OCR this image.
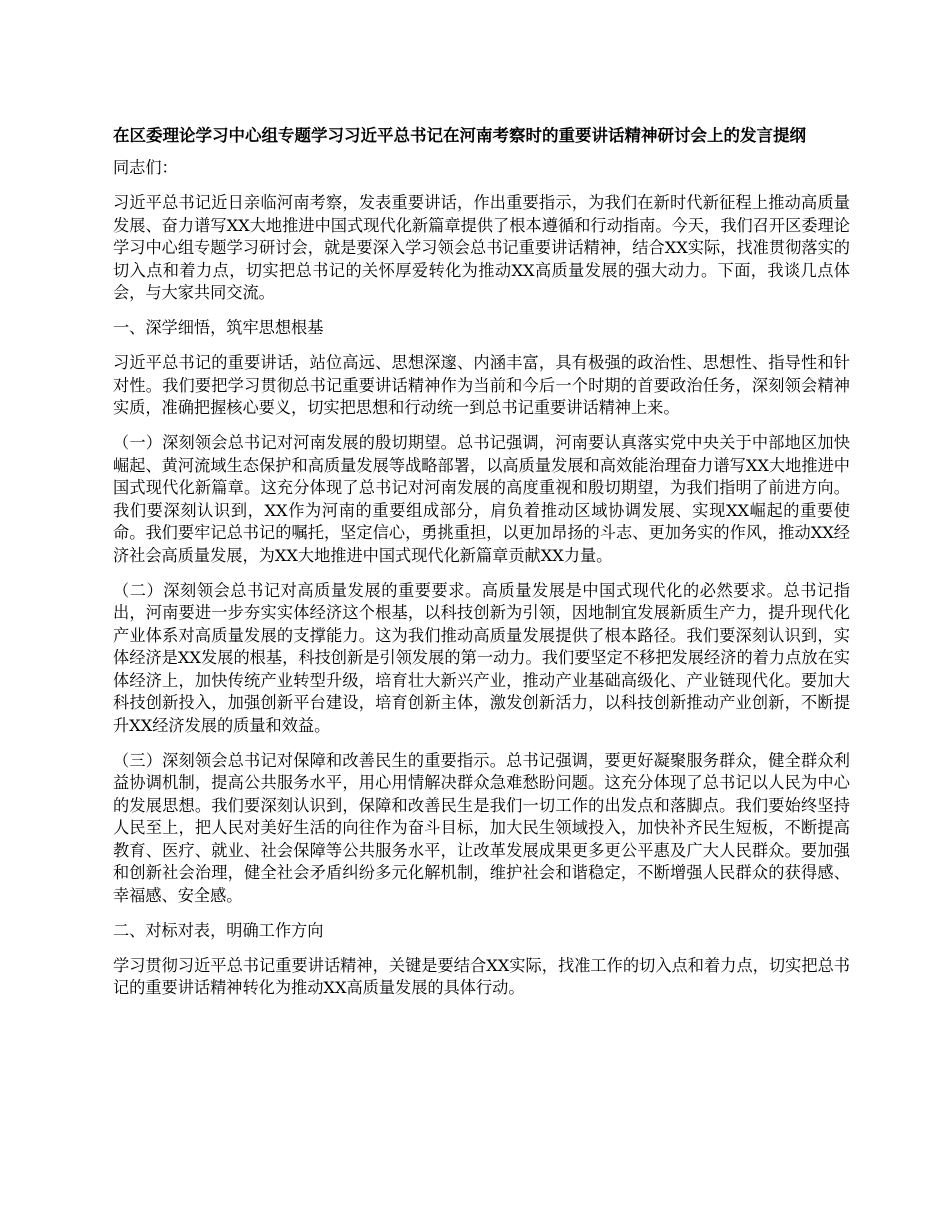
在区委理论学习中心组专题学习习近平总书记在河南考察时的重要讲话精神研讨会上的发言提纲
同志们：
习近平总书记近日亲临河南考察，发表重要讲话，作出重要指示，为我们在新时代新征程上推动高质量发展、奋力谱写XX大地推进中国式现代化新篇章提供了根本遵循和行动指南。今天，我们召开区委理论学习中心组专题学习研讨会，就是要深入学习领会总书记重要讲话精神，结合XX实际，找准贯彻落实的切入点和着力点，切实把总书记的关怀厚爱转化为推动XX高质量发展的强大动力。下面，我谈几点体会，与大家共同交流。
一、深学细悟，筑牢思想根基
习近平总书记的重要讲话，站位高远、思想深邃、内涵丰富，具有极强的政治性、思想性、指导性和针对性。我们要把学习贯彻总书记重要讲话精神作为当前和今后一个时期的首要政治任务，深刻领会精神实质，准确把握核心要义，切实把思想和行动统一到总书记重要讲话精神上来。
（一）深刻领会总书记对河南发展的殷切期望。总书记强调，河南要认真落实党中央关于中部地区加快崛起、黄河流域生态保护和高质量发展等战略部署，以高质量发展和高效能治理奋力谱写XX大地推进中国式现代化新篇章。这充分体现了总书记对河南发展的高度重视和殷切期望，为我们指明了前进方向。我们要深刻认识到，XX作为河南的重要组成部分，肩负着推动区域协调发展、实现XX崛起的重要使命。我们要牢记总书记的嘱托，坚定信心，勇挑重担，以更加昂扬的斗志、更加务实的作风，推动XX经济社会高质量发展，为XX大地推进中国式现代化新篇章贡献XX力量。
（二）深刻领会总书记对高质量发展的重要要求。高质量发展是中国式现代化的必然要求。总书记指出，河南要进一步夯实实体经济这个根基，以科技创新为引领，因地制宜发展新质生产力，提升现代化产业体系对高质量发展的支撑能力。这为我们推动高质量发展提供了根本路径。我们要深刻认识到，实体经济是XX发展的根基，科技创新是引领发展的第一动力。我们要坚定不移把发展经济的着力点放在实体经济上，加快传统产业转型升级，培育壮大新兴产业，推动产业基础高级化、产业链现代化。要加大科技创新投入，加强创新平台建设，培育创新主体，激发创新活力，以科技创新推动产业创新，不断提升XX经济发展的质量和效益。
（三）深刻领会总书记对保障和改善民生的重要指示。总书记强调，要更好凝聚服务群众，健全群众利益协调机制，提高公共服务水平，用心用情解决群众急难愁盼问题。这充分体现了总书记以人民为中心的发展思想。我们要深刻认识到，保障和改善民生是我们一切工作的出发点和落脚点。我们要始终坚持人民至上，把人民对美好生活的向往作为奋斗目标，加大民生领域投入，加快补齐民生短板，不断提高教育、医疗、就业、社会保障等公共服务水平，让改革发展成果更多更公平惠及广大人民群众。要加强和创新社会治理，健全社会矛盾纠纷多元化解机制，维护社会和谐稳定，不断增强人民群众的获得感、幸福感、安全感。
二、对标对表，明确工作方向
学习贯彻习近平总书记重要讲话精神，关键是要结合XX实际，找准工作的切入点和着力点，切实把总书记的重要讲话精神转化为推动XX高质量发展的具体行动。
